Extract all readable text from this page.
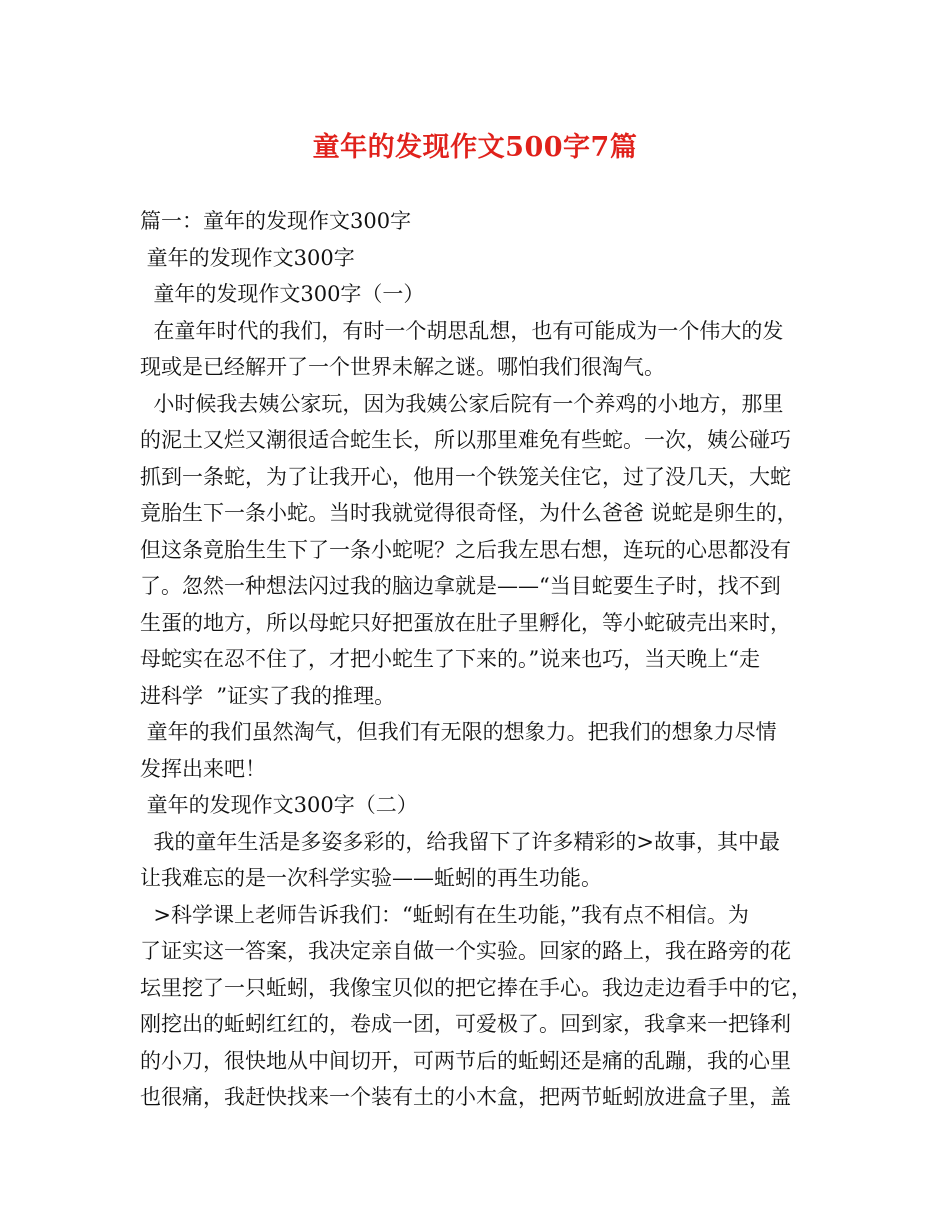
童年的发现作文500字7篇
篇一：童年的发现作文300字
童年的发现作文300字
童年的发现作文300字（一）
在童年时代的我们，有时一个胡思乱想，也有可能成为一个伟大的发
现或是已经解开了一个世界未解之谜。哪怕我们很淘气。
小时候我去姨公家玩，因为我姨公家后院有一个养鸡的小地方，那里
的泥土又烂又潮很适合蛇生长，所以那里难免有些蛇。一次，姨公碰巧
抓到一条蛇，为了让我开心，他用一个铁笼关住它，过了没几天，大蛇
竟胎生下一条小蛇。当时我就觉得很奇怪，为什么爸爸 说蛇是卵生的，
但这条竟胎生生下了一条小蛇呢？之后我左思右想，连玩的心思都没有
了。忽然一种想法闪过我的脑边拿就是——“当目蛇要生子时，找不到
生蛋的地方，所以母蛇只好把蛋放在肚子里孵化，等小蛇破壳出来时，
母蛇实在忍不住了，才把小蛇生了下来的。”说来也巧，当天晚上“走
进科学  ”证实了我的推理。
童年的我们虽然淘气，但我们有无限的想象力。把我们的想象力尽情
发挥出来吧！
童年的发现作文300字（二）
我的童年生活是多姿多彩的，给我留下了许多精彩的>故事，其中最
让我难忘的是一次科学实验——蚯蚓的再生功能。
>科学课上老师告诉我们：“蚯蚓有在生功能，”我有点不相信。为
了证实这一答案，我决定亲自做一个实验。回家的路上，我在路旁的花
坛里挖了一只蚯蚓，我像宝贝似的把它捧在手心。我边走边看手中的它，
刚挖出的蚯蚓红红的，卷成一团，可爱极了。回到家，我拿来一把锋利
的小刀，很快地从中间切开，可两节后的蚯蚓还是痛的乱蹦，我的心里
也很痛，我赶快找来一个装有土的小木盒，把两节蚯蚓放进盒子里，盖
